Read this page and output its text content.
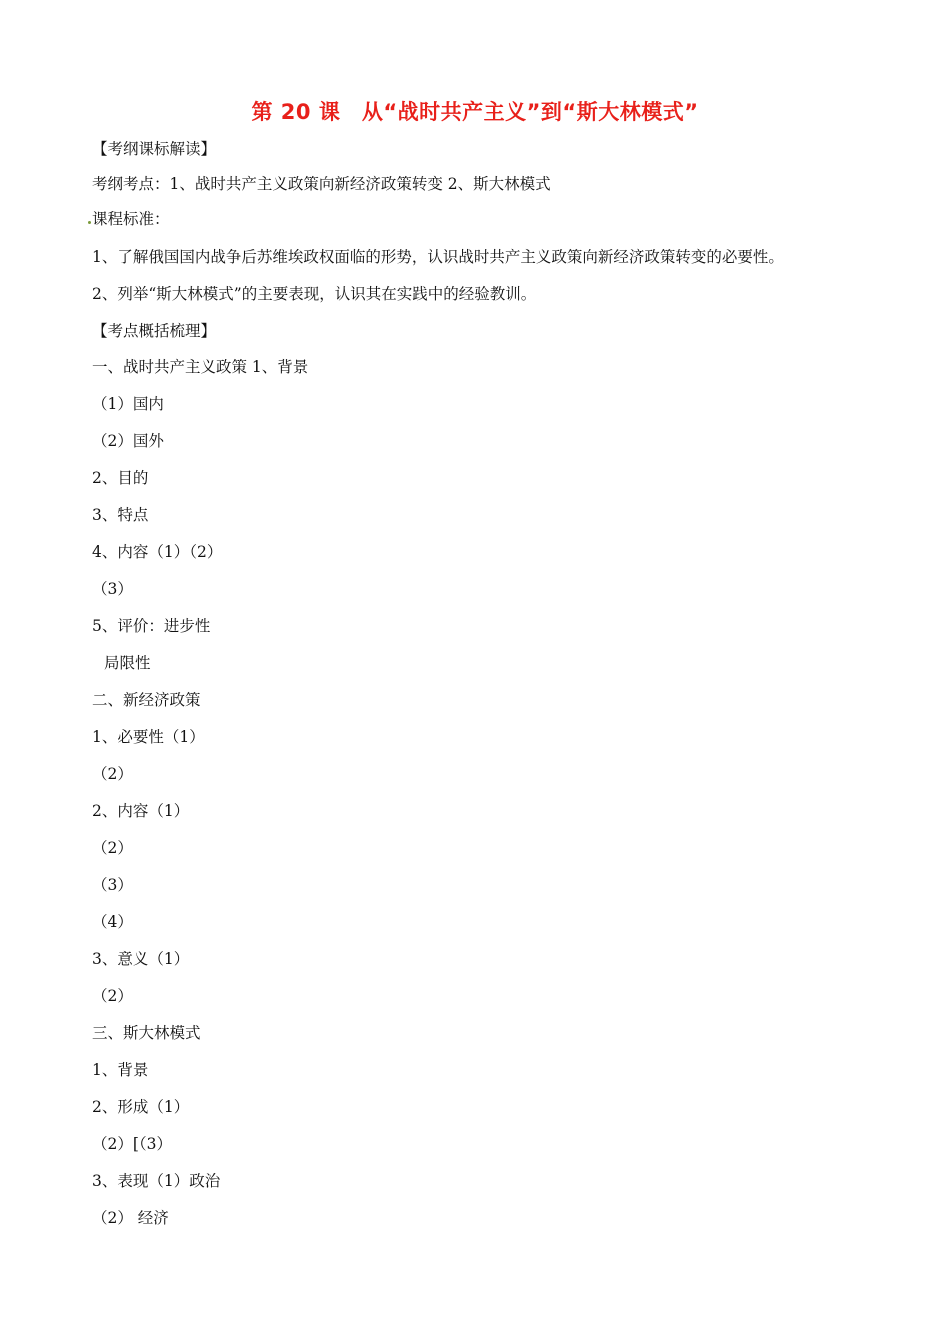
第 20 课　从“战时共产主义”到“斯大林模式”
【考纲课标解读】
考纲考点：1、战时共产主义政策向新经济政策转变 2、斯大林模式
课程标准：
1、了解俄国国内战争后苏维埃政权面临的形势，认识战时共产主义政策向新经济政策转变的必要性。
2、列举“斯大林模式”的主要表现，认识其在实践中的经验教训。
【考点概括梳理】
一、战时共产主义政策 1、背景
（1）国内
（2）国外
2、目的
3、特点
4、内容（1）（2）
（3）
5、评价：进步性
局限性
二、新经济政策
1、必要性（1）
（2）
2、内容（1）
（2）
（3）
（4）
3、意义（1）
（2）
三、斯大林模式
1、背景
2、形成（1）
（2）[（3）
3、表现（1）政治
（2） 经济
